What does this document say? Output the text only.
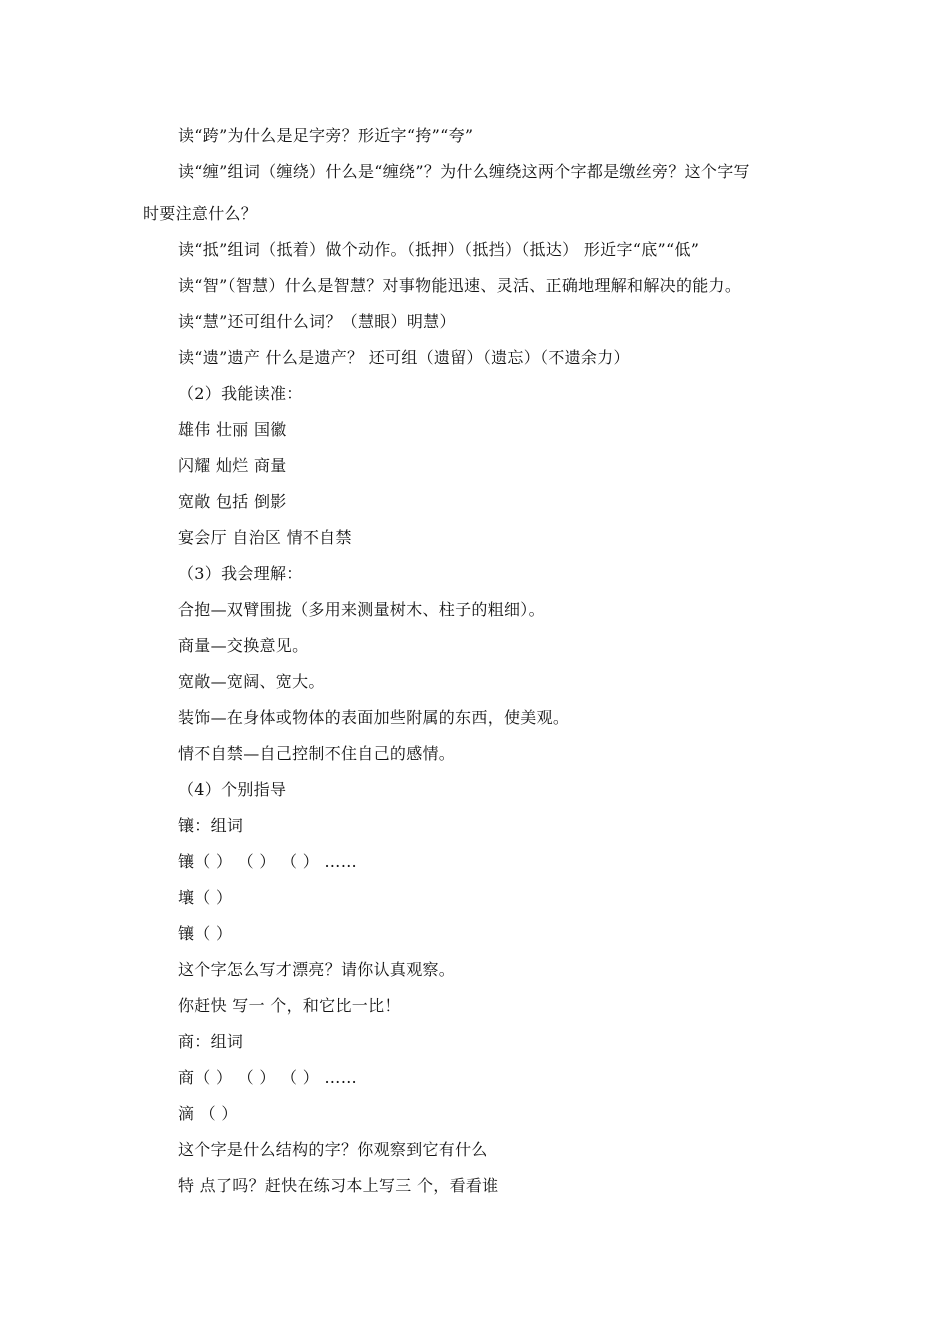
读“跨”为什么是足字旁？形近字“挎”“夸”
读“缠”组词（缠绕）什么是“缠绕”？为什么缠绕这两个字都是缴丝旁？这个字写
时要注意什么？
读“抵”组词（抵着）做个动作。（抵押）（抵挡）（抵达） 形近字“底”“低”
读“智”（智慧）什么是智慧？对事物能迅速、灵活、正确地理解和解决的能力。
读“慧”还可组什么词？（慧眼）明慧）
读“遗”遗产 什么是遗产？ 还可组（遗留）（遗忘）（不遗余力）
（2）我能读准：
雄伟 壮丽 国徽
闪耀 灿烂 商量
宽敞 包括 倒影
宴会厅 自治区 情不自禁
（3）我会理解：
合抱—双臂围拢（多用来测量树木、柱子的粗细）。
商量—交换意见。
宽敞—宽阔、宽大。
装饰—在身体或物体的表面加些附属的东西，使美观。
情不自禁—自己控制不住自己的感情。
（4）个别指导
镶：组词
镶（ ） （ ） （ ） ……
壤（ ）
镶（ ）
这个字怎么写才漂亮？请你认真观察。
你赶快 写一 个，和它比一比！
商：组词
商（ ） （ ） （ ） ……
滴 （ ）
这个字是什么结构的字？你观察到它有什么
特 点了吗？赶快在练习本上写三 个，看看谁
